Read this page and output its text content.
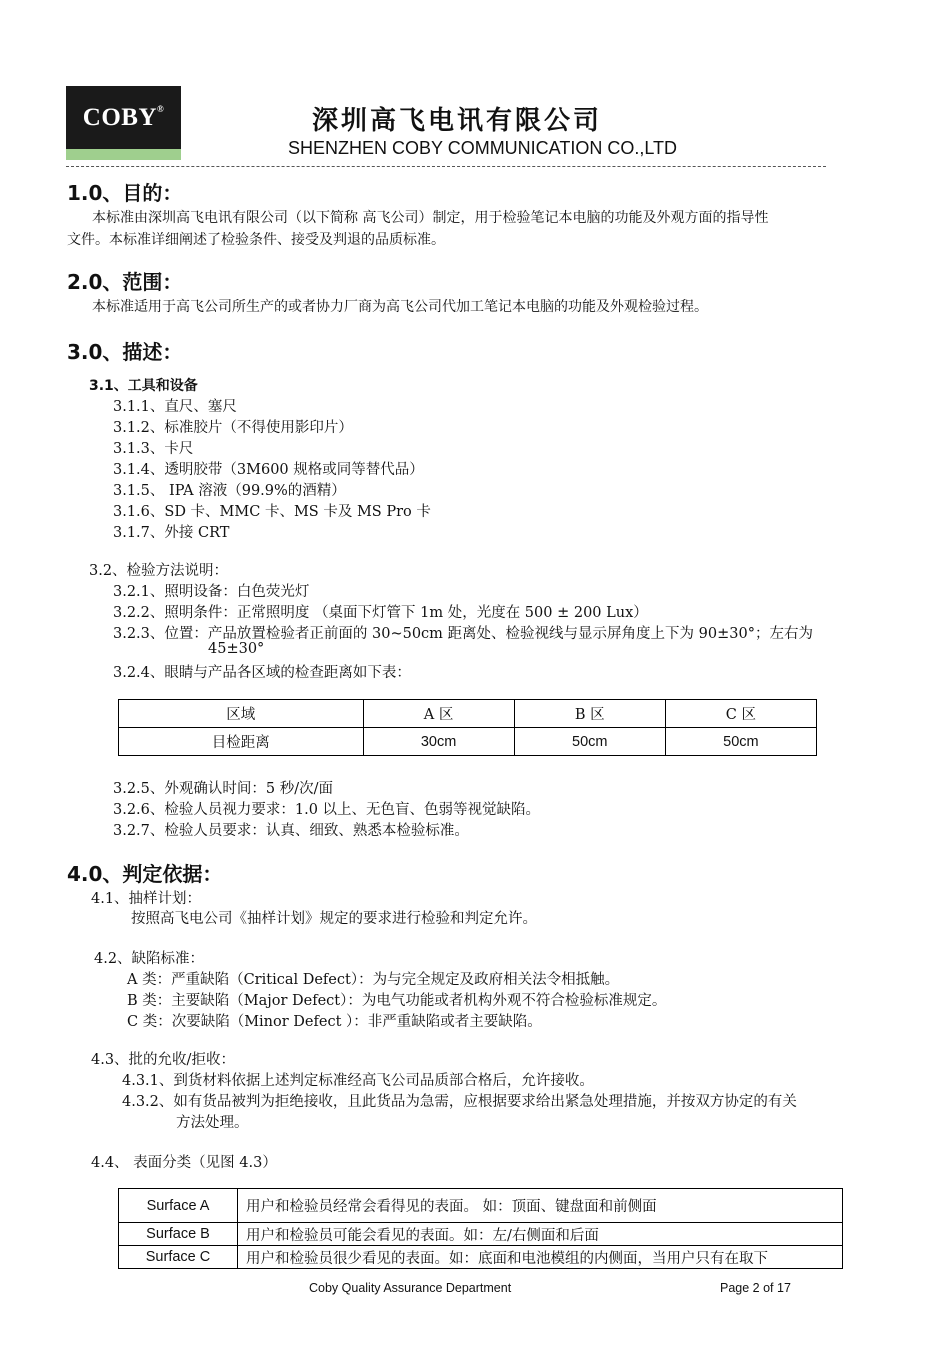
COBY®	深圳高飞电讯有限公司
SHENZHEN COBY COMMUNICATION CO.,LTD
1.0、目的：
本标准由深圳高飞电讯有限公司（以下简称 高飞公司）制定，用于检验笔记本电脑的功能及外观方面的指导性
文件。本标准详细阐述了检验条件、接受及判退的品质标准。
2.0、范围：
本标准适用于高飞公司所生产的或者协力厂商为高飞公司代加工笔记本电脑的功能及外观检验过程。
3.0、描述：
3.1、工具和设备
3.1.1、直尺、塞尺
3.1.2、标准胶片（不得使用影印片）
3.1.3、卡尺
3.1.4、透明胶带（3M600 规格或同等替代品）
3.1.5、 IPA 溶液（99.9%的酒精）
3.1.6、SD 卡、MMC 卡、MS 卡及 MS Pro 卡
3.1.7、外接 CRT
3.2、检验方法说明：
3.2.1、照明设备：白色荧光灯
3.2.2、照明条件：正常照明度 （桌面下灯管下 1m 处，光度在 500 ± 200 Lux）
3.2.3、位置：产品放置检验者正前面的 30~50cm 距离处、检验视线与显示屏角度上下为 90±30°；左右为
45±30°
3.2.4、眼睛与产品各区域的检查距离如下表：
区域	A 区	B 区	C 区
目检距离	30cm	50cm	50cm
3.2.5、外观确认时间：5 秒/次/面
3.2.6、检验人员视力要求：1.0 以上、无色盲、色弱等视觉缺陷。
3.2.7、检验人员要求：认真、细致、熟悉本检验标准。
4.0、判定依据：
4.1、抽样计划：
按照高飞电公司《抽样计划》规定的要求进行检验和判定允许。
4.2、缺陷标准：
A 类：严重缺陷（Critical Defect）：为与完全规定及政府相关法令相抵触。
B 类：主要缺陷（Major Defect）：为电气功能或者机构外观不符合检验标准规定。
C 类：次要缺陷（Minor Defect ）：非严重缺陷或者主要缺陷。
4.3、批的允收/拒收：
4.3.1、到货材料依据上述判定标准经高飞公司品质部合格后，允许接收。
4.3.2、如有货品被判为拒绝接收，且此货品为急需，应根据要求给出紧急处理措施，并按双方协定的有关
方法处理。
4.4、 表面分类（见图 4.3）
Surface A	用户和检验员经常会看得见的表面。 如：顶面、键盘面和前侧面
Surface B	用户和检验员可能会看见的表面。如：左/右侧面和后面
Surface C	用户和检验员很少看见的表面。如：底面和电池模组的内侧面，当用户只有在取下
Coby Quality Assurance Department	Page 2 of 17
